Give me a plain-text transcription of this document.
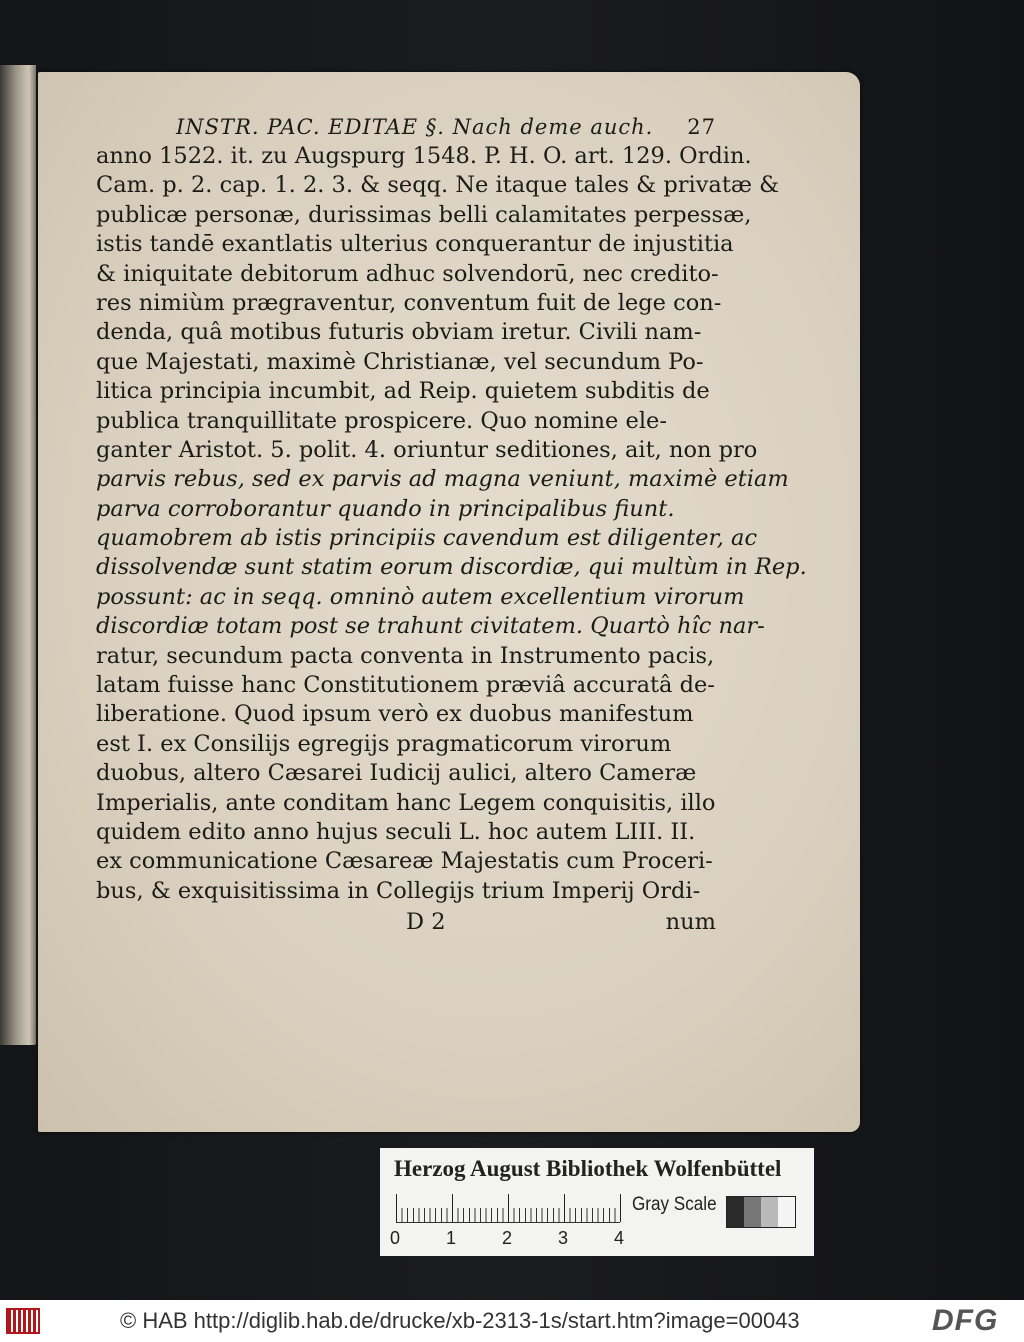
INSTR. PAC. EDITAE §. Nach deme auch. 27
anno 1522. it. zu Augspurg 1548. P. H. O. art. 129. Ordin.
Cam. p. 2. cap. 1. 2. 3. & seqq. Ne itaque tales & privatæ &
publicæ personæ, durissimas belli calamitates perpessæ,
istis tandē exantlatis ulterius conquerantur de injustitia
& iniquitate debitorum adhuc solvendorū, nec credito-
res nimiùm prægraventur, conventum fuit de lege con-
denda, quâ motibus futuris obviam iretur. Civili nam-
que Majestati, maximè Christianæ, vel secundum Po-
litica principia incumbit, ad Reip. quietem subditis de
publica tranquillitate prospicere. Quo nomine ele-
ganter Aristot. 5. polit. 4. oriuntur seditiones, ait, non pro
parvis rebus, sed ex parvis ad magna veniunt, maximè etiam
parva corroborantur quando in principalibus fiunt.
quamobrem ab istis principiis cavendum est diligenter, ac
dissolvendæ sunt statim eorum discordiæ, qui multùm in Rep.
possunt: ac in seqq. omninò autem excellentium virorum
discordiæ totam post se trahunt civitatem. Quartò hîc nar-
ratur, secundum pacta conventa in Instrumento pacis,
latam fuisse hanc Constitutionem præviâ accuratâ de-
liberatione. Quod ipsum verò ex duobus manifestum
est I. ex Consilijs egregijs pragmaticorum virorum
duobus, altero Cæsarei Iudicij aulici, altero Cameræ
Imperialis, ante conditam hanc Legem conquisitis, illo
quidem edito anno hujus seculi L. hoc autem LIII. II.
ex communicatione Cæsareæ Majestatis cum Proceri-
bus, & exquisitissima in Collegijs trium Imperij Ordi-
D 2	num
Herzog August Bibliothek Wolfenbüttel
0	1	2	3	4
Gray Scale
© HAB http://diglib.hab.de/drucke/xb-2313-1s/start.htm?image=00043	DFG
